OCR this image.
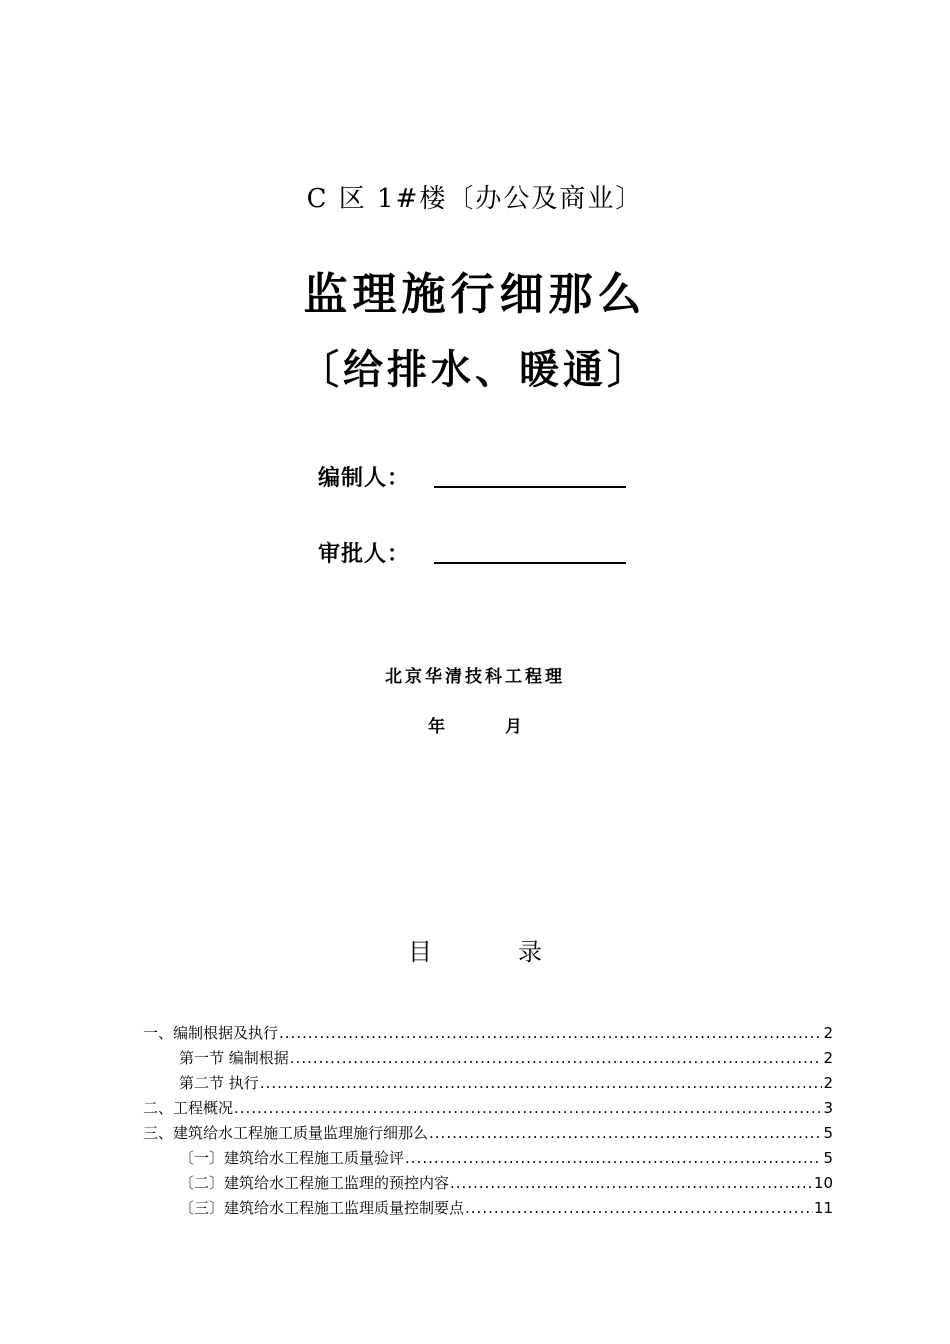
C 区 1#楼〔办公及商业〕
监理施行细那么
〔给排水、暖通〕
编制人：
审批人：
北京华清技科工程理
年	月
目	录
一、编制根据及执行 .....	2
第一节 编制根据 .....	2
第二节 执行 .....	2
二、工程概况 .....	3
三、建筑给水工程施工质量监理施行细那么 .....	5
〔一〕建筑给水工程施工质量验评 .....	5
〔二〕建筑给水工程施工监理的预控内容 .....	10
〔三〕建筑给水工程施工监理质量控制要点 .....	11
